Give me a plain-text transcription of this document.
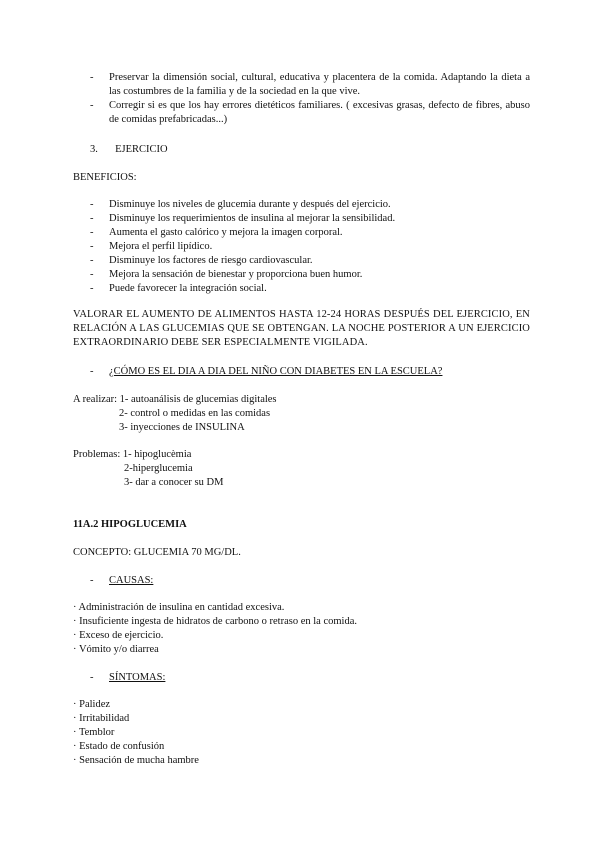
- Preservar la dimensión social, cultural, educativa y placentera de la comida. Adaptando la dieta a las costumbres de la familia y de la sociedad en la que vive.
- Corregir si es que los hay errores dietéticos familiares. ( excesivas grasas, defecto de fibres, abuso de comidas prefabricadas...)
3. EJERCICIO
BENEFICIOS:
- Disminuye los niveles de glucemia durante y después del ejercicio.
- Disminuye los requerimientos de insulina al mejorar la sensibilidad.
- Aumenta el gasto calórico y mejora la imagen corporal.
- Mejora el perfil lipídico.
- Disminuye los factores de riesgo cardiovascular.
- Mejora la sensación de bienestar y proporciona buen humor.
- Puede favorecer la integración social.
VALORAR EL AUMENTO DE ALIMENTOS HASTA 12-24 HORAS DESPUÉS DEL EJERCICIO, EN RELACIÓN A LAS GLUCEMIAS QUE SE OBTENGAN. LA NOCHE POSTERIOR A UN EJERCICIO EXTRAORDINARIO DEBE SER ESPECIALMENTE VIGILADA.
- ¿CÓMO ES EL DIA A DIA DEL NIÑO CON DIABETES EN LA ESCUELA?
A realizar: 1- autoanálisis de glucemias digitales
2- control o medidas en las comidas
3- inyecciones de INSULINA
Problemas: 1- hipoglucèmia
2-hiperglucemia
3- dar a conocer su DM
11A.2 HIPOGLUCEMIA
CONCEPTO: GLUCEMIA 70 MG/DL.
- CAUSAS:
· Administración de insulina en cantidad excesiva.
· Insuficiente ingesta de hidratos de carbono o retraso en la comida.
· Exceso de ejercicio.
· Vómito y/o diarrea
- SÍNTOMAS:
· Palidez
· Irritabilidad
· Temblor
· Estado de confusión
· Sensación de mucha hambre
